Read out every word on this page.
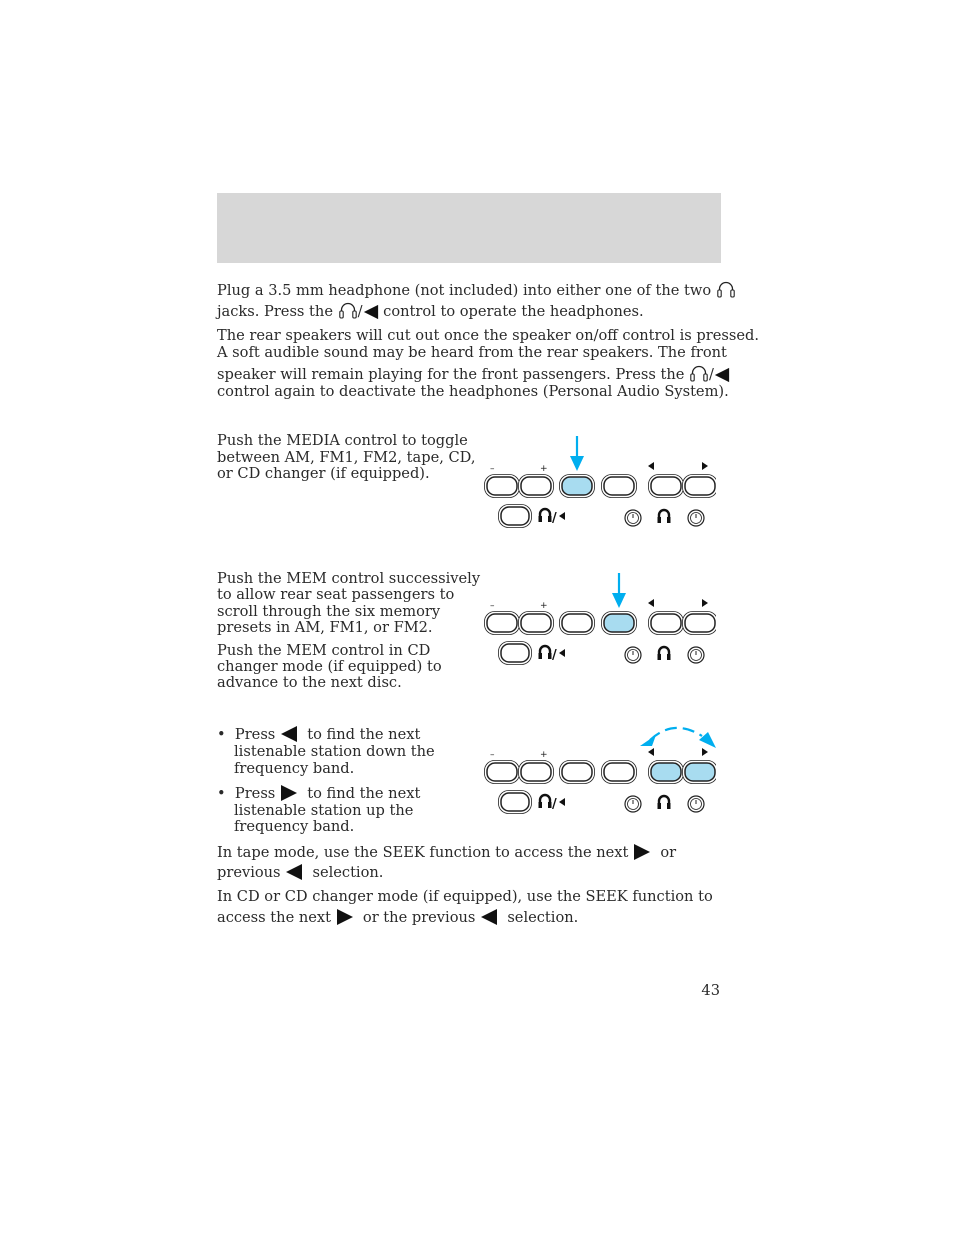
Plug a 3.5 mm headphone (not included) into either one of the two

jacks. Press the / control to operate the headphones.

The rear speakers will cut out once the speaker on/off control is pressed.

A soft audible sound may be heard from the rear speakers. The front

speaker will remain playing for the front passengers. Press the /

control again to deactivate the headphones (Personal Audio System).

Push the MEDIA control to toggle

between AM, FM1, FM2, tape, CD,

or CD changer (if equipped).	–	+
/

Push the MEM control successively

to allow rear seat passengers to

scroll through the six memory

presets in AM, FM1, or FM2.

Push the MEM control in CD

changer mode (if equipped) to

advance to the next disc.

–	+
/

• Press to find the next

listenable station down the

frequency band.

• Press to find the next

listenable station up the

frequency band.

–	+
/

In tape mode, use the SEEK function to access the next or

previous selection.

In CD or CD changer mode (if equipped), use the SEEK function to

access the next or the previous selection.

43
